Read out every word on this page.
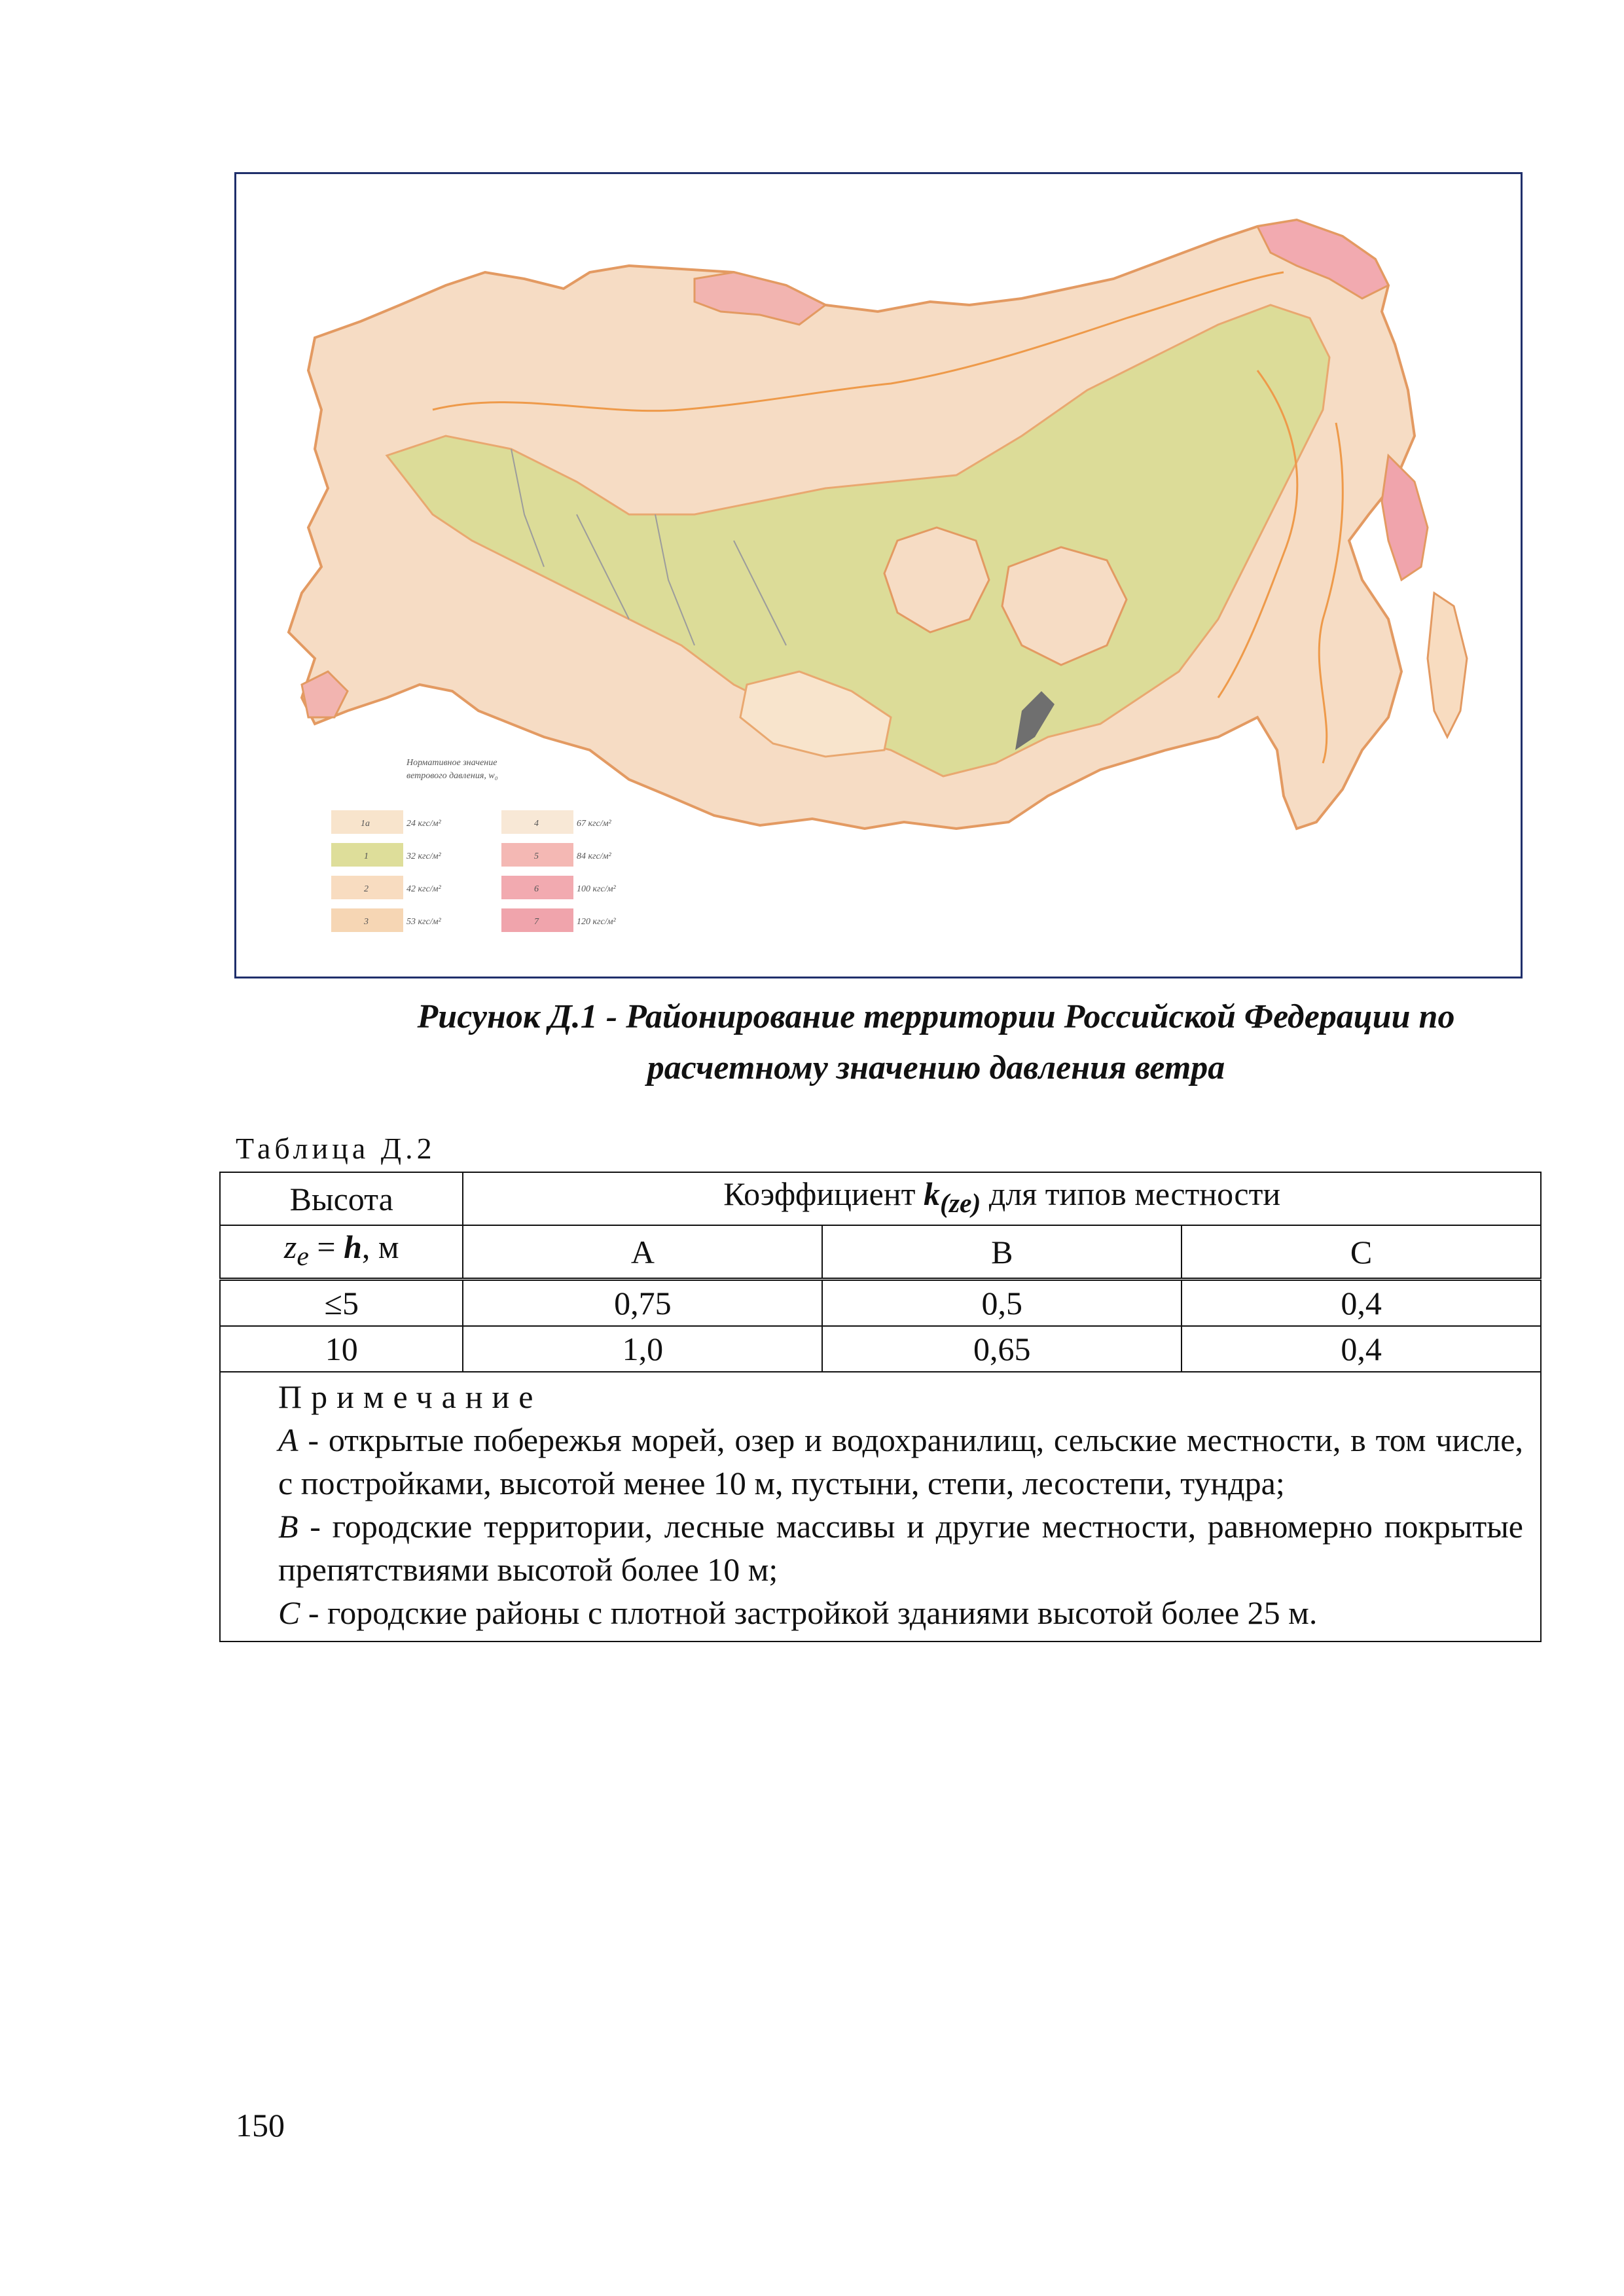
Нормативное значение
ветрового давления, w₀
1а	24 кгс/м²
1	32 кгс/м²
2	42 кгс/м²
3	53 кгс/м²
4	67 кгс/м²
5	84 кгс/м²
6	100 кгс/м²
7	120 кгс/м²
Рисунок Д.1 - Районирование территории Российской Федерации по
расчетному значению давления ветра
Таблица Д.2
Высота	Коэффициент $k_{(ze)}$ для типов местности		
$z_e = h$, м	A	B	C
≤5	0,75	0,5	0,4
10	1,0	0,65	0,4

Примечание

А - открытые побережья морей, озер и водохранилищ, сельские местности, в том числе, с постройками, высотой менее 10 м, пустыни, степи, лесостепи, тундра;

В - городские территории, лесные массивы и другие местности, равномерно покрытые препятствиями высотой более 10 м;

С - городские районы с плотной застройкой зданиями высотой более 25 м.			

150
